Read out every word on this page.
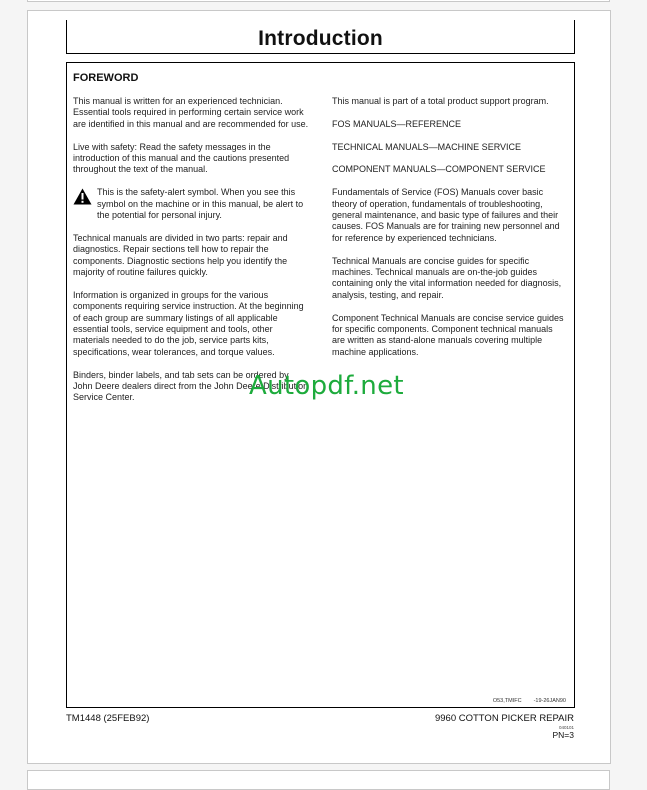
Introduction
FOREWORD

This manual is written for an experienced technician. Essential tools required in performing certain service work are identified in this manual and are recommended for use.

Live with safety: Read the safety messages in the introduction of this manual and the cautions presented throughout the text of the manual.

This is the safety-alert symbol. When you see this symbol on the machine or in this manual, be alert to the potential for personal injury.

Technical manuals are divided in two parts: repair and diagnostics. Repair sections tell how to repair the components. Diagnostic sections help you identify the majority of routine failures quickly.

Information is organized in groups for the various components requiring service instruction. At the beginning of each group are summary listings of all applicable essential tools, service equipment and tools, other materials needed to do the job, service parts kits, specifications, wear tolerances, and torque values.

Binders, binder labels, and tab sets can be ordered by John Deere dealers direct from the John Deere Distribution Service Center.

This manual is part of a total product support program.

FOS MANUALS—REFERENCE

TECHNICAL MANUALS—MACHINE SERVICE

COMPONENT MANUALS—COMPONENT SERVICE

Fundamentals of Service (FOS) Manuals cover basic theory of operation, fundamentals of troubleshooting, general maintenance, and basic type of failures and their causes. FOS Manuals are for training new personnel and for reference by experienced technicians.

Technical Manuals are concise guides for specific machines. Technical manuals are on-the-job guides containing only the vital information needed for diagnosis, analysis, testing, and repair.

Component Technical Manuals are concise service guides for specific components. Component technical manuals are written as stand-alone manuals covering multiple machine applications.

O53,TMIFC -19-26JAN90
TM1448 (25FEB92)	9960 COTTON PICKER REPAIR
040101
PN=3
Autopdf.net
